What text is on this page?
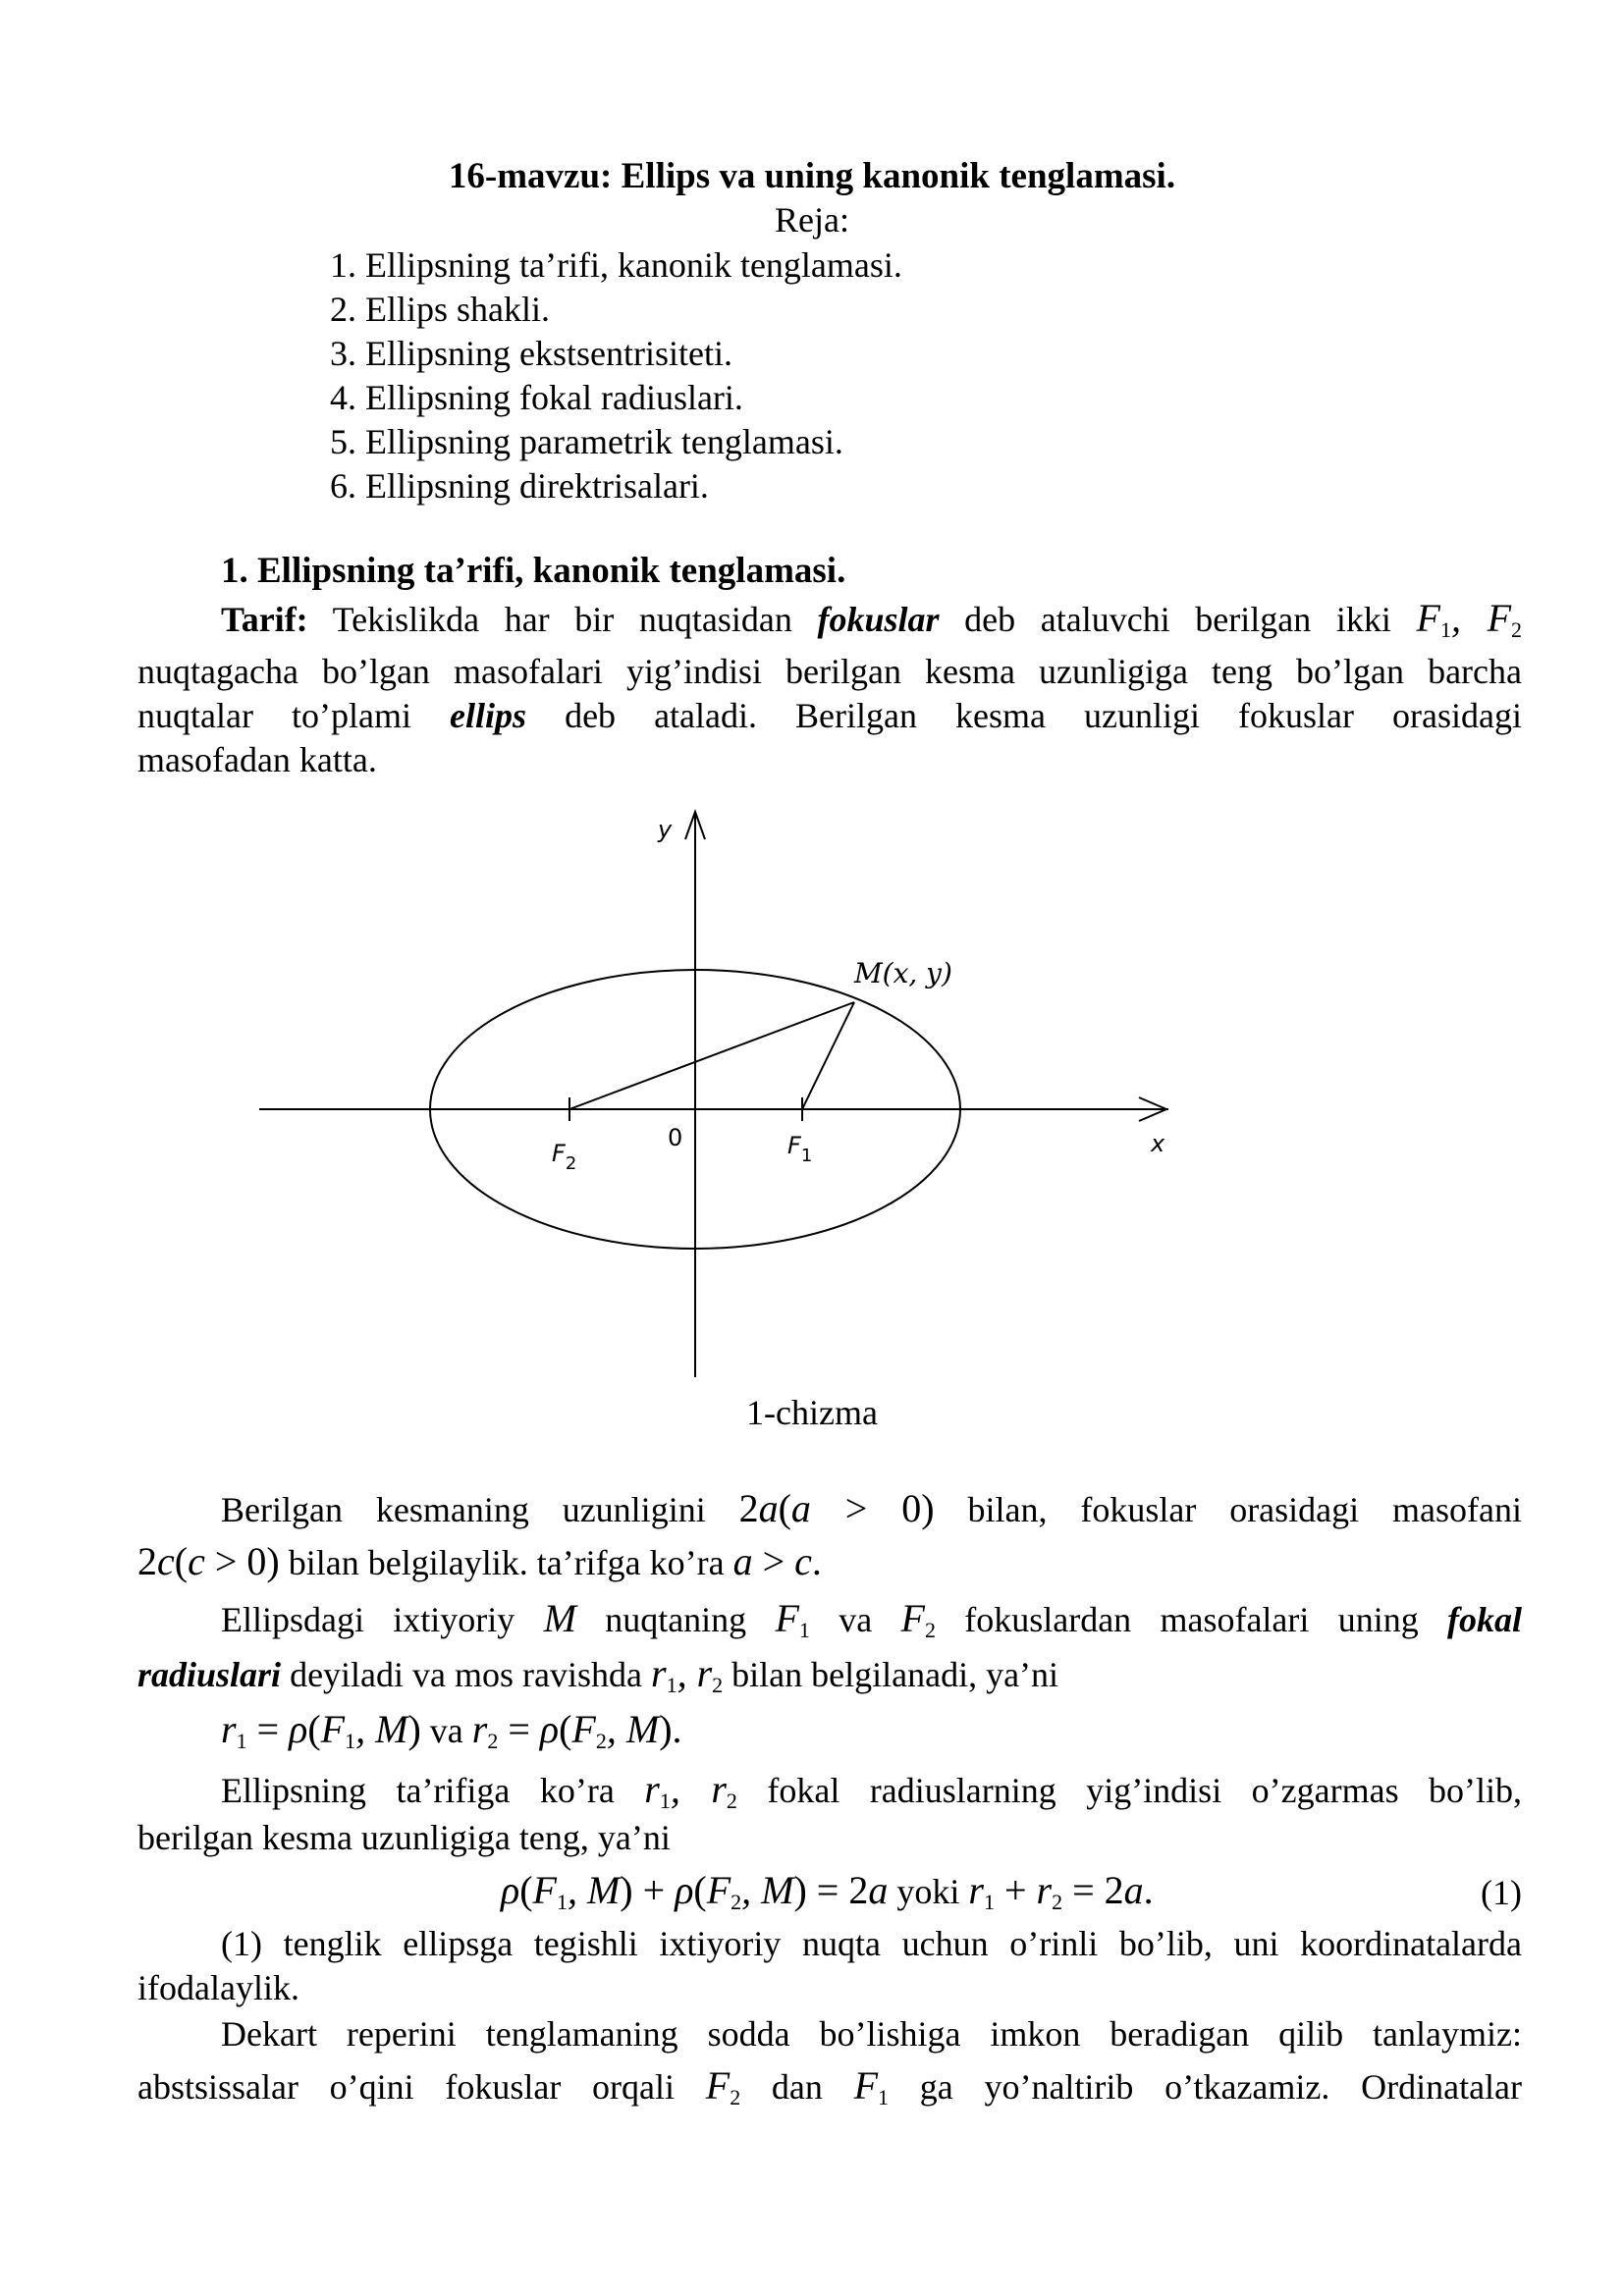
16-mavzu: Ellips va uning kanonik tenglamasi.
Reja:
1. Ellipsning ta’rifi, kanonik tenglamasi.
2. Ellips shakli.
3. Ellipsning ekstsentrisiteti.
4. Ellipsning fokal radiuslari.
5. Ellipsning parametrik tenglamasi.
6. Ellipsning direktrisalari.
1. Ellipsning ta’rifi, kanonik tenglamasi.
Tarif: Tekislikda har bir nuqtasidan fokuslar deb ataluvchi berilgan ikki $F_1$, $F_2$
nuqtagacha bo’lgan masofalari yig’indisi berilgan kesma uzunligiga teng bo’lgan barcha
nuqtalar to’plami ellips deb ataladi. Berilgan kesma uzunligi fokuslar orasidagi
masofadan katta.
y
x
0
M(x, y)
$F_2$
$F_1$
1-chizma
Berilgan kesmaning uzunligini 2a(a > 0) bilan, fokuslar orasidagi masofani
2c(c > 0) bilan belgilaylik. ta’rifga ko’ra a > c.
Ellipsdagi ixtiyoriy M nuqtaning $F_1$ va $F_2$ fokuslardan masofalari uning fokal
radiuslari deyiladi va mos ravishda $r_1$, $r_2$ bilan belgilanadi, ya’ni
$r_1 = \rho(F_1$, M) va $r_2 = \rho(F_2$, M).
Ellipsning ta’rifiga ko’ra $r_1$, $r_2$ fokal radiuslarning yig’indisi o’zgarmas bo’lib,
berilgan kesma uzunligiga teng, ya’ni
$\rho(F_1$, $M) + \rho(F_2$, M) = 2a yoki $r_1 + r_2 = 2a$.	(1)
(1) tenglik ellipsga tegishli ixtiyoriy nuqta uchun o’rinli bo’lib, uni koordinatalarda
ifodalaylik.
Dekart reperini tenglamaning sodda bo’lishiga imkon beradigan qilib tanlaymiz:
abstsissalar o’qini fokuslar orqali $F_2$ dan $F_1$ ga yo’naltirib o’tkazamiz. Ordinatalar
